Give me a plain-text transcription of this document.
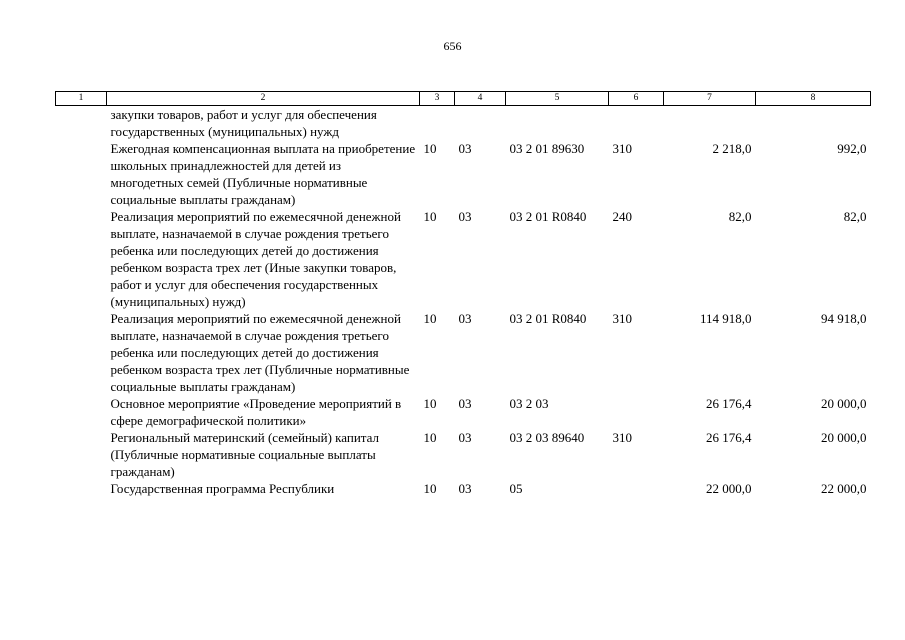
656
1	2	3	4	5	6	7	8
	закупки товаров, работ и услуг для обеспечения государственных (муниципальных) нужд						
	Ежегодная компенсационная выплата на приобретение школьных принадлежностей для детей из многодетных семей (Публичные нормативные социальные выплаты гражданам)	10	03	03 2 01 89630	310	2 218,0	992,0
	Реализация мероприятий по ежемесячной денежной выплате, назначаемой в случае рождения третьего ребенка или последующих детей до достижения ребенком возраста трех лет (Иные закупки товаров, работ и услуг для обеспечения государственных (муниципальных) нужд)	10	03	03 2 01 R0840	240	82,0	82,0
	Реализация мероприятий по ежемесячной денежной выплате, назначаемой в случае рождения третьего ребенка или последующих детей до достижения ребенком возраста трех лет (Публичные нормативные социальные выплаты гражданам)	10	03	03 2 01 R0840	310	114 918,0	94 918,0
	Основное мероприятие «Проведение мероприятий в сфере демографической политики»	10	03	03 2 03		26 176,4	20 000,0
	Региональный материнский (семейный) капитал (Публичные нормативные социальные выплаты гражданам)	10	03	03 2 03 89640	310	26 176,4	20 000,0
	Государственная программа Республики	10	03	05		22 000,0	22 000,0
